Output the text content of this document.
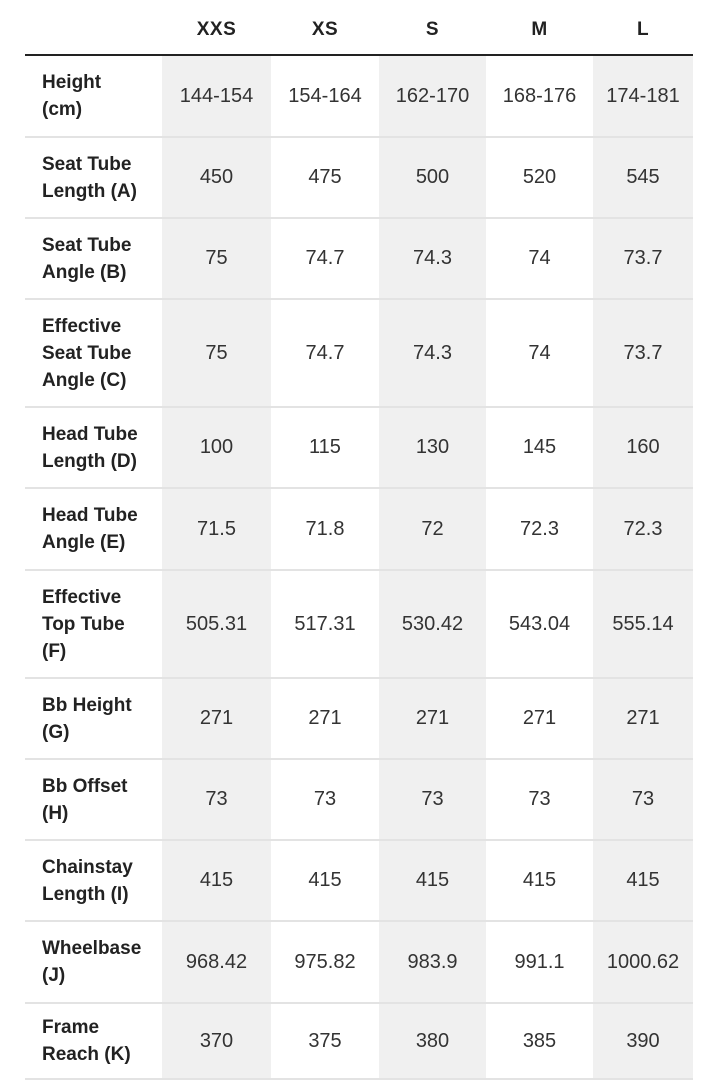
XXS	XS	S	M	L
Height
(cm)
144-154	154-164	162-170	168-176	174-181
Seat Tube
Length (A)
450	475	500	520	545
Seat Tube
Angle (B)
75	74.7	74.3	74	73.7
Effective
Seat Tube
Angle (C)
75	74.7	74.3	74	73.7
Head Tube
Length (D)
100	115	130	145	160
Head Tube
Angle (E)
71.5	71.8	72	72.3	72.3
Effective
Top Tube
(F)
505.31	517.31	530.42	543.04	555.14
Bb Height
(G)
271	271	271	271	271
Bb Offset
(H)
73	73	73	73	73
Chainstay
Length (I)
415	415	415	415	415
Wheelbase
(J)
968.42	975.82	983.9	991.1	1000.62
Frame
Reach (K)
370	375	380	385	390
